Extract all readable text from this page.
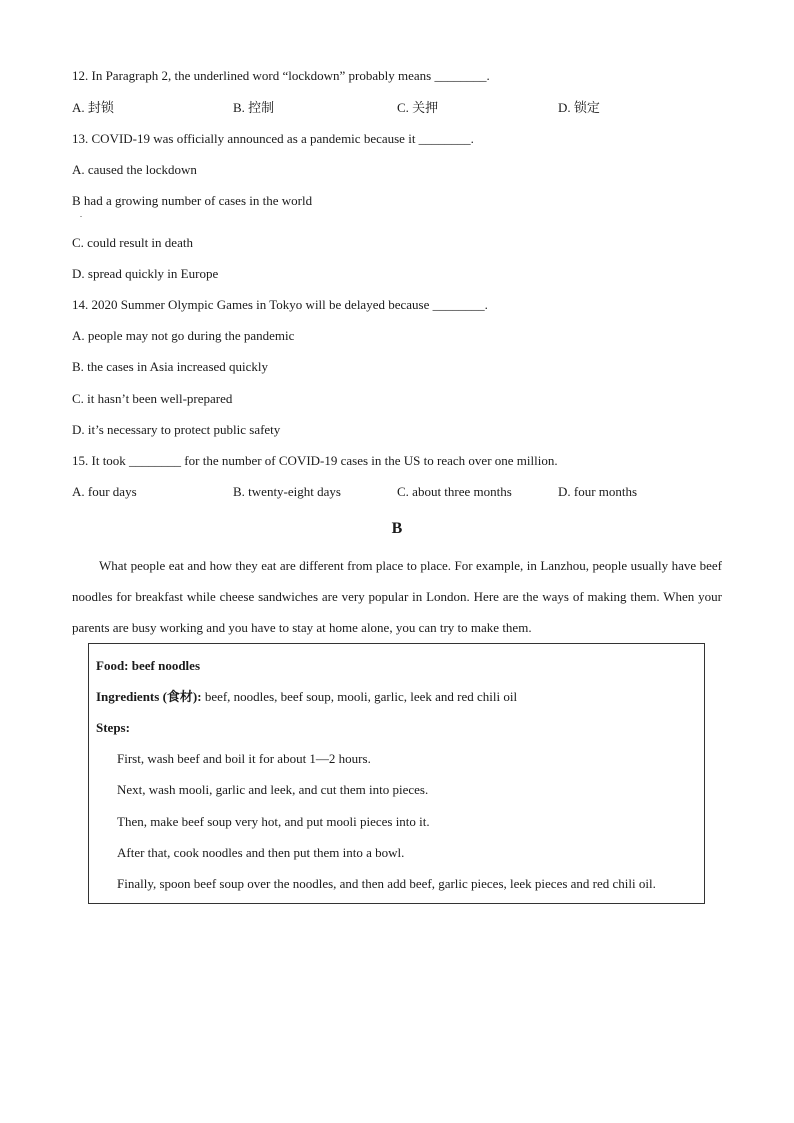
12. In Paragraph 2, the underlined word “lockdown” probably means ________.
A. 封锁	B. 控制	C. 关押	D. 锁定
13. COVID-19 was officially announced as a pandemic because it ________.
A. caused the lockdown
B had a growing number of cases in the world
.
C. could result in death
D. spread quickly in Europe
14. 2020 Summer Olympic Games in Tokyo will be delayed because ________.
A. people may not go during the pandemic
B. the cases in Asia increased quickly
C. it hasn’t been well-prepared
D. it’s necessary to protect public safety
15. It took ________ for the number of COVID-19 cases in the US to reach over one million.
A. four days	B. twenty-eight days	C. about three months	D. four months
B
What people eat and how they eat are different from place to place. For example, in Lanzhou, people usually have beef noodles for breakfast while cheese sandwiches are very popular in London. Here are the ways of making them. When your parents are busy working and you have to stay at home alone, you can try to make them.
Food: beef noodles
Ingredients (食材): beef, noodles, beef soup, mooli, garlic, leek and red chili oil
Steps:
First, wash beef and boil it for about 1—2 hours.
Next, wash mooli, garlic and leek, and cut them into pieces.
Then, make beef soup very hot, and put mooli pieces into it.
After that, cook noodles and then put them into a bowl.
Finally, spoon beef soup over the noodles, and then add beef, garlic pieces, leek pieces and red chili oil.
